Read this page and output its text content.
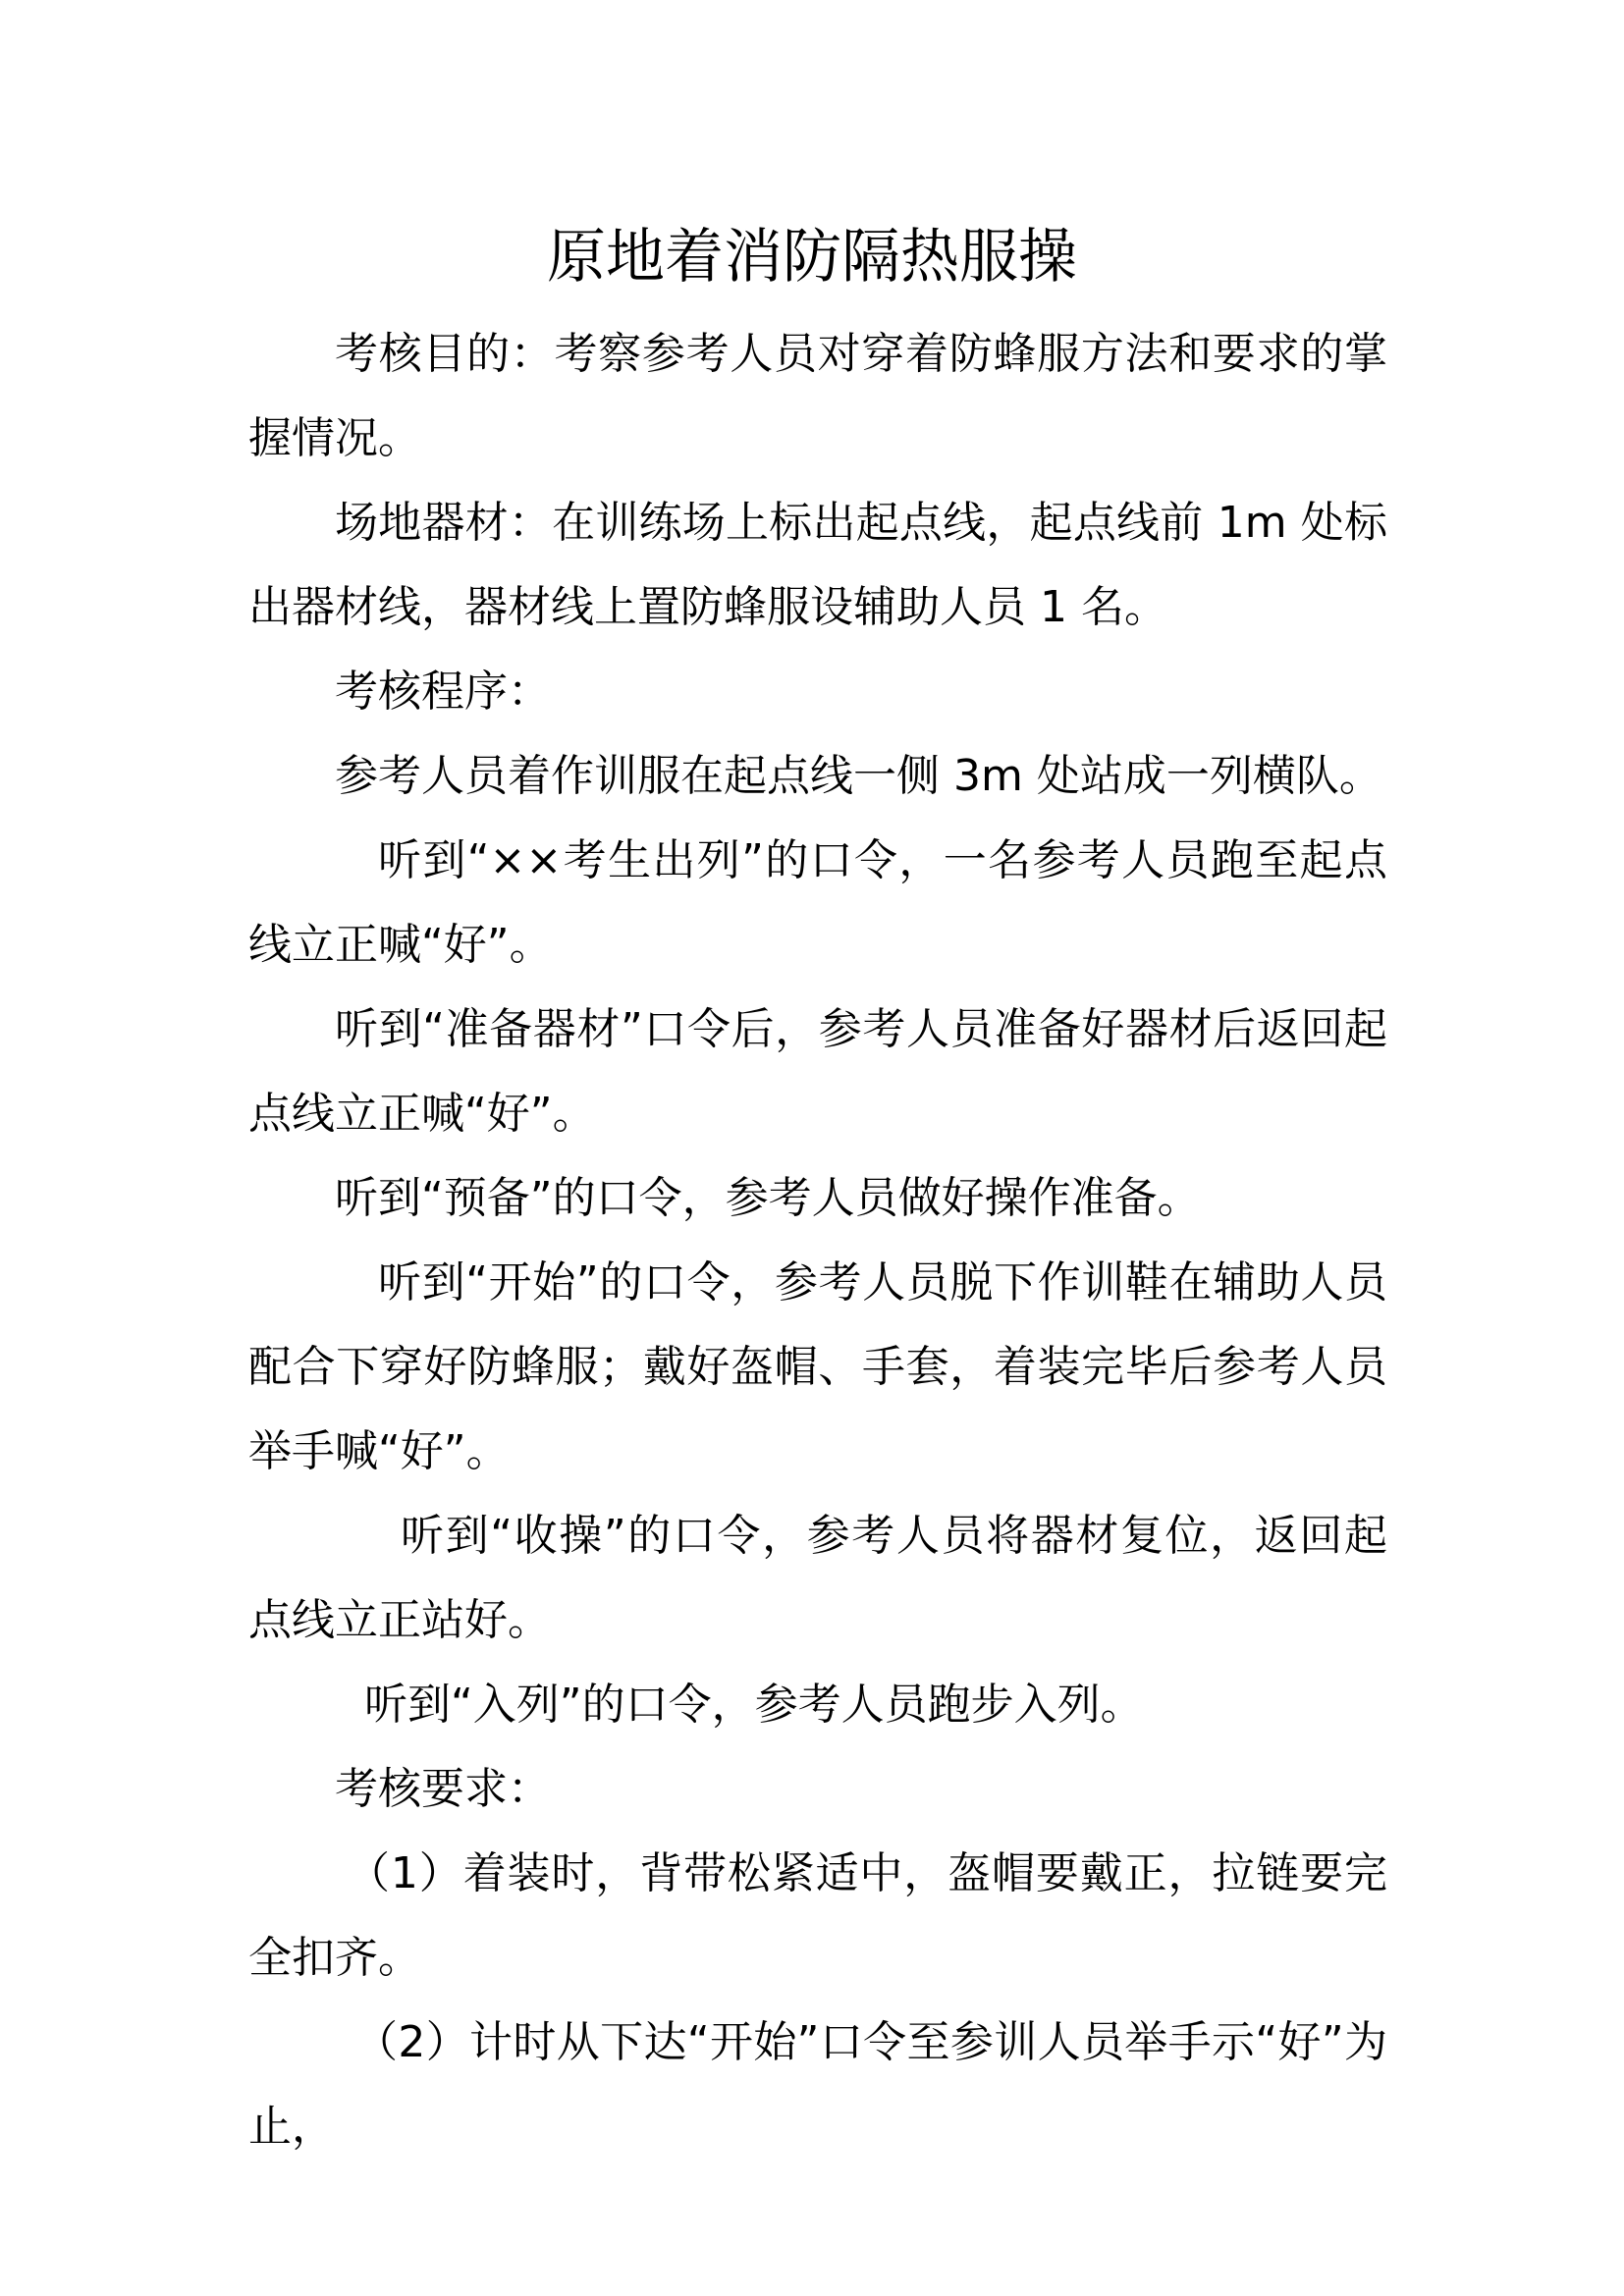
原地着消防隔热服操

考核目的：考察参考人员对穿着防蜂服方法和要求的掌握情况。

场地器材：在训练场上标出起点线，起点线前 1m 处标出器材线，器材线上置防蜂服设辅助人员 1 名。

考核程序：

参考人员着作训服在起点线一侧 3m 处站成一列横队。

听到“××考生出列”的口令，一名参考人员跑至起点线立正喊“好”。

听到“准备器材”口令后，参考人员准备好器材后返回起点线立正喊“好”。

听到“预备”的口令，参考人员做好操作准备。

听到“开始”的口令，参考人员脱下作训鞋在辅助人员配合下穿好防蜂服；戴好盔帽、手套，着装完毕后参考人员举手喊“好”。

听到“收操”的口令，参考人员将器材复位，返回起点线立正站好。

听到“入列”的口令，参考人员跑步入列。

考核要求：

（1）着装时，背带松紧适中，盔帽要戴正，拉链要完全扣齐。

（2）计时从下达“开始”口令至参训人员举手示“好”为止，
